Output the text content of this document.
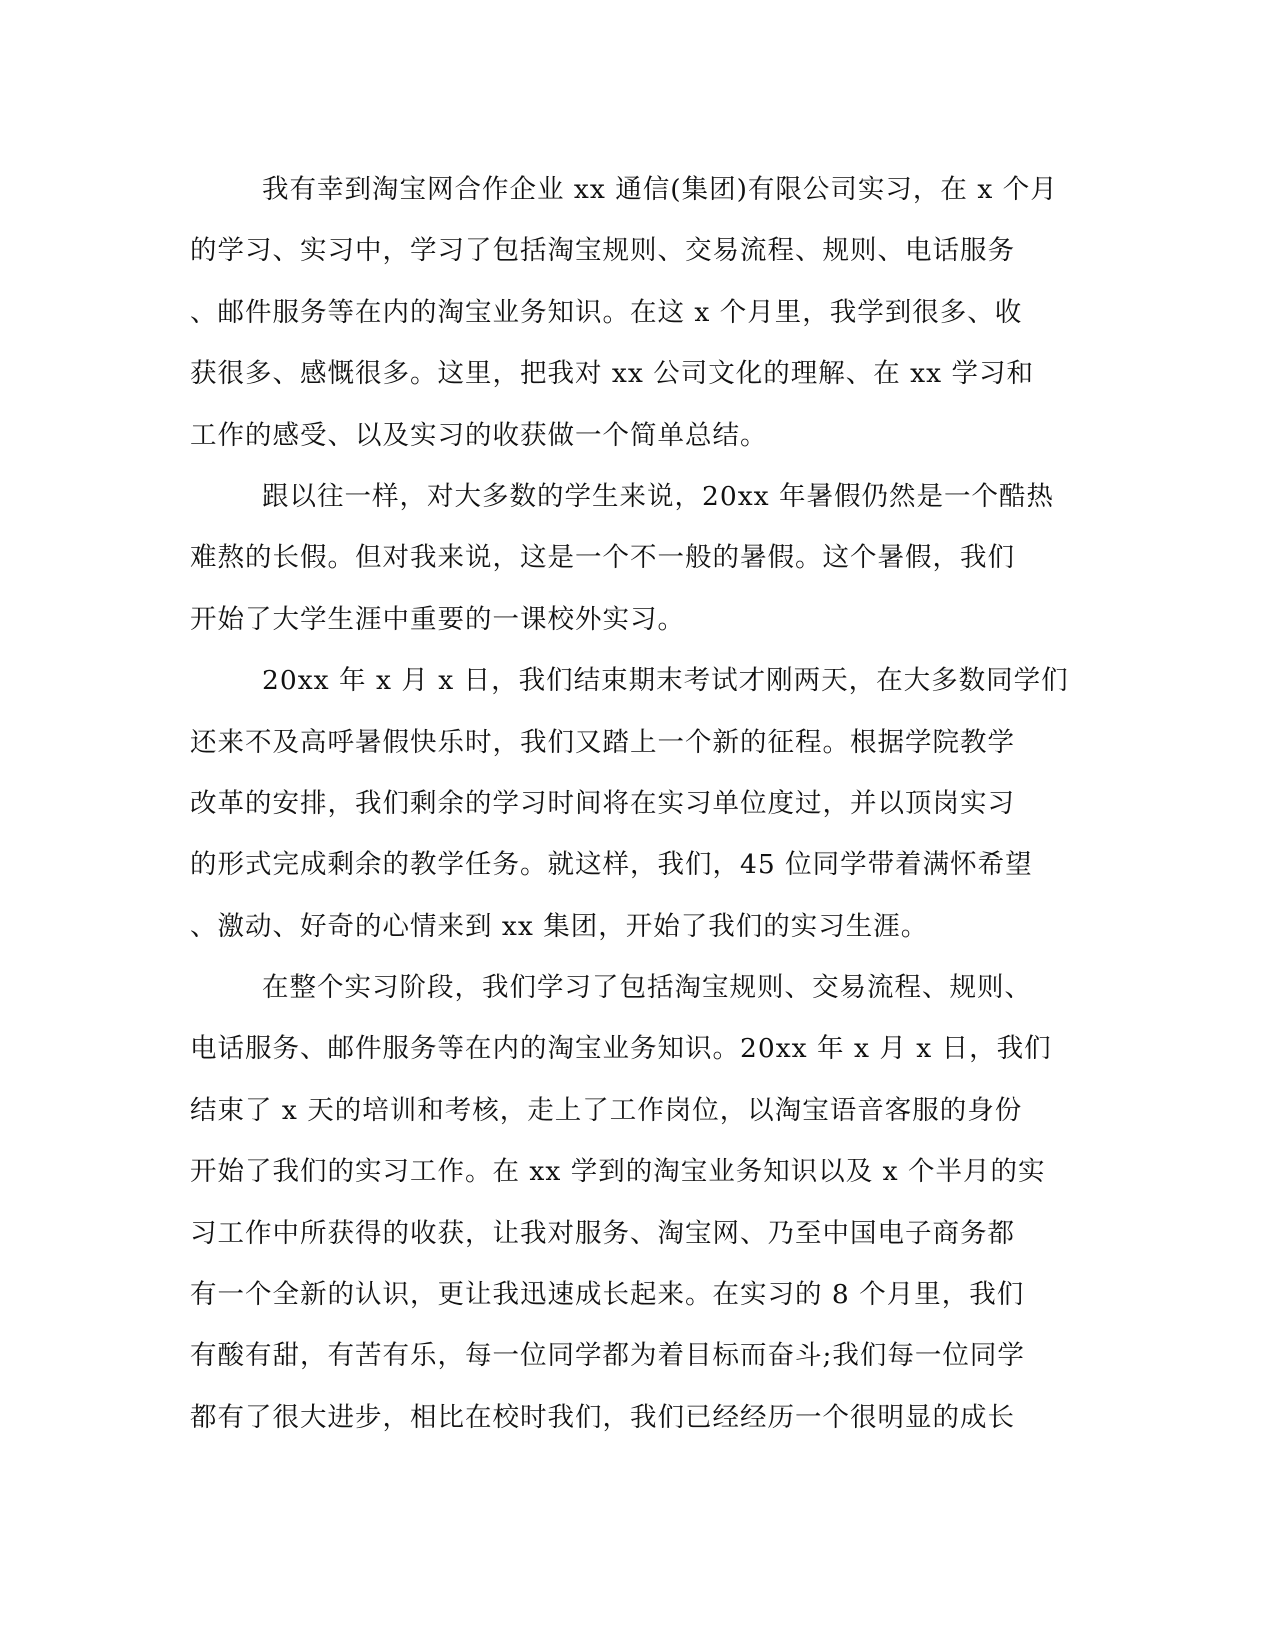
我有幸到淘宝网合作企业 xx 通信(集团)有限公司实习，在 x 个月
的学习、实习中，学习了包括淘宝规则、交易流程、规则、电话服务
、邮件服务等在内的淘宝业务知识。在这 x 个月里，我学到很多、收
获很多、感慨很多。这里，把我对 xx 公司文化的理解、在 xx 学习和
工作的感受、以及实习的收获做一个简单总结。
跟以往一样，对大多数的学生来说，20xx 年暑假仍然是一个酷热
难熬的长假。但对我来说，这是一个不一般的暑假。这个暑假，我们
开始了大学生涯中重要的一课校外实习。
20xx 年 x 月 x 日，我们结束期末考试才刚两天，在大多数同学们
还来不及高呼暑假快乐时，我们又踏上一个新的征程。根据学院教学
改革的安排，我们剩余的学习时间将在实习单位度过，并以顶岗实习
的形式完成剩余的教学任务。就这样，我们，45 位同学带着满怀希望
、激动、好奇的心情来到 xx 集团，开始了我们的实习生涯。
在整个实习阶段，我们学习了包括淘宝规则、交易流程、规则、
电话服务、邮件服务等在内的淘宝业务知识。20xx 年 x 月 x 日，我们
结束了 x 天的培训和考核，走上了工作岗位，以淘宝语音客服的身份
开始了我们的实习工作。在 xx 学到的淘宝业务知识以及 x 个半月的实
习工作中所获得的收获，让我对服务、淘宝网、乃至中国电子商务都
有一个全新的认识，更让我迅速成长起来。在实习的 8 个月里，我们
有酸有甜，有苦有乐，每一位同学都为着目标而奋斗;我们每一位同学
都有了很大进步，相比在校时我们，我们已经经历一个很明显的成长
